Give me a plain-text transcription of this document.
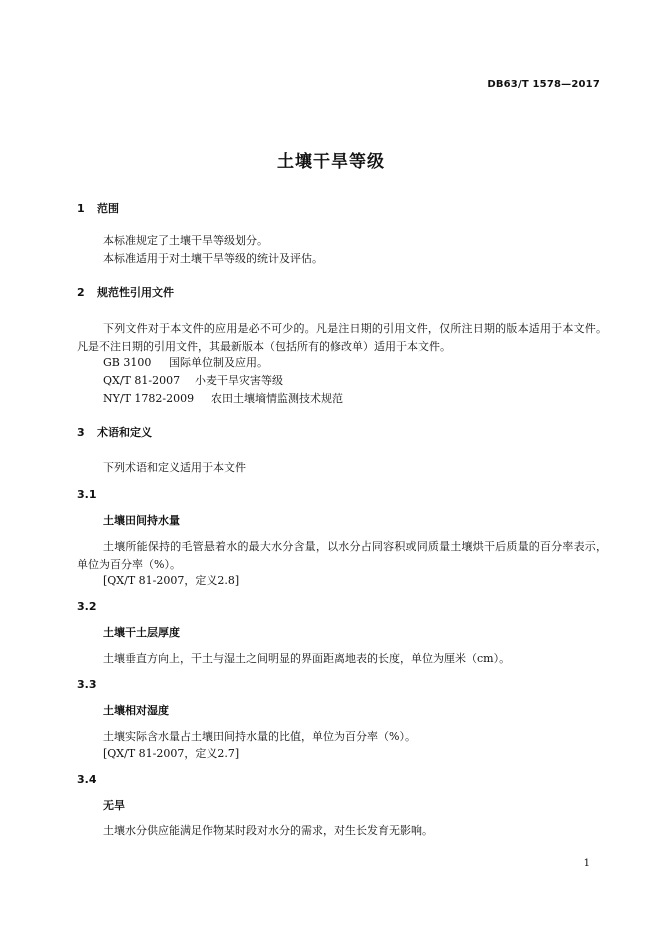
DB63/T 1578—2017
土壤干旱等级
1 范围
本标准规定了土壤干旱等级划分。
本标准适用于对土壤干旱等级的统计及评估。
2 规范性引用文件
下列文件对于本文件的应用是必不可少的。凡是注日期的引用文件，仅所注日期的版本适用于本文件。凡是不注日期的引用文件，其最新版本（包括所有的修改单）适用于本文件。
GB 3100 国际单位制及应用。
QX/T 81-2007 小麦干旱灾害等级
NY/T 1782-2009 农田土壤墒情监测技术规范
3 术语和定义
下列术语和定义适用于本文件
3.1
土壤田间持水量
土壤所能保持的毛管悬着水的最大水分含量，以水分占同容积或同质量土壤烘干后质量的百分率表示，单位为百分率（%）。
[QX/T 81-2007，定义2.8]
3.2
土壤干土层厚度
土壤垂直方向上，干土与湿土之间明显的界面距离地表的长度，单位为厘米（cm）。
3.3
土壤相对湿度
土壤实际含水量占土壤田间持水量的比值，单位为百分率（%）。
[QX/T 81-2007，定义2.7]
3.4
无旱
土壤水分供应能满足作物某时段对水分的需求，对生长发育无影响。
1
